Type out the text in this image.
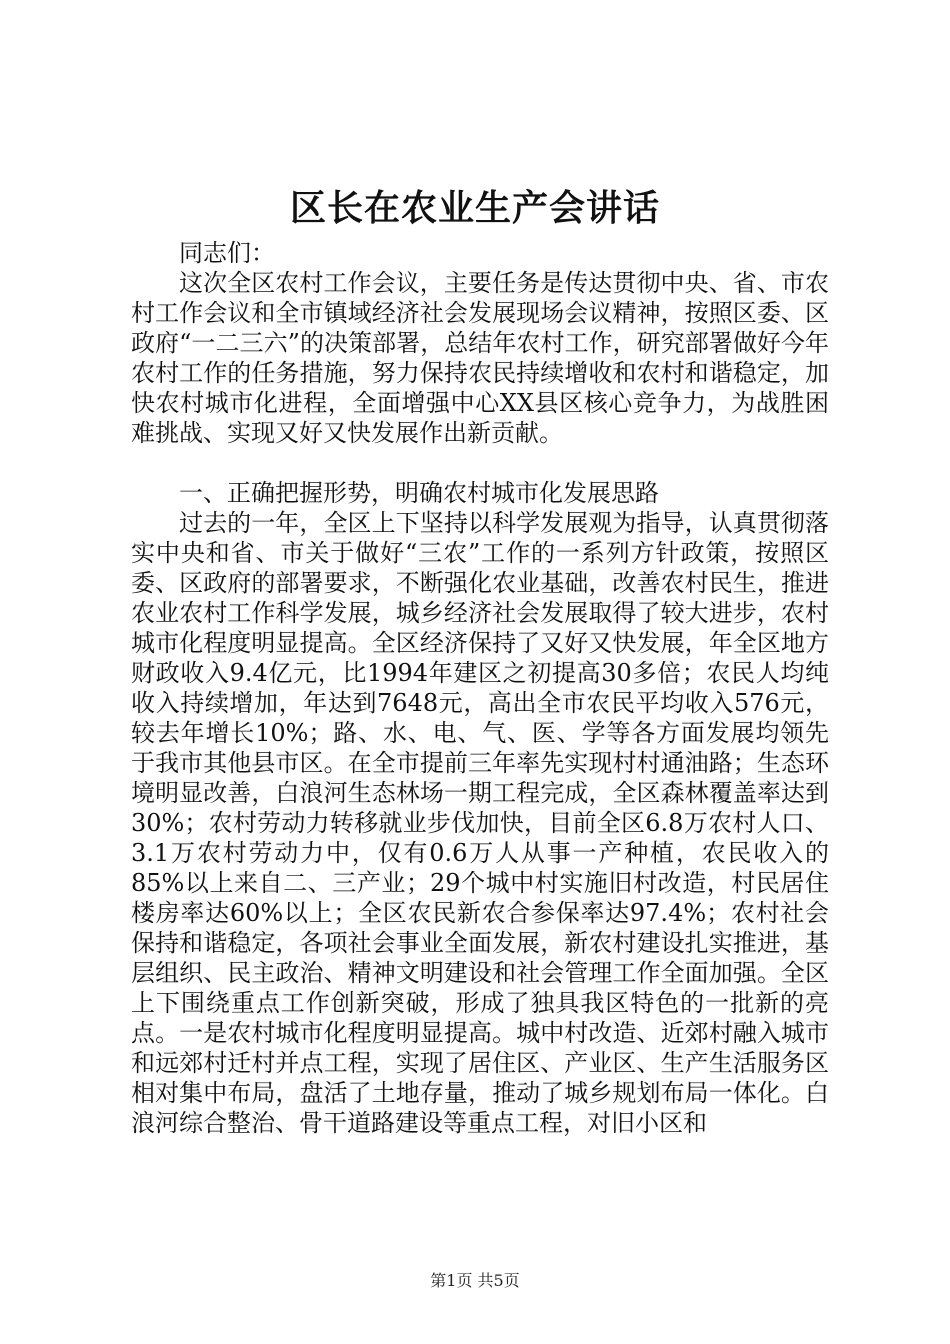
区长在农业生产会讲话

同志们：

这次全区农村工作会议，主要任务是传达贯彻中央、省、市农村工作会议和全市镇域经济社会发展现场会议精神，按照区委、区政府“一二三六”的决策部署，总结年农村工作，研究部署做好今年农村工作的任务措施，努力保持农民持续增收和农村和谐稳定，加快农村城市化进程，全面增强中心XX县区核心竞争力，为战胜困难挑战、实现又好又快发展作出新贡献。

一、正确把握形势，明确农村城市化发展思路

过去的一年，全区上下坚持以科学发展观为指导，认真贯彻落实中央和省、市关于做好“三农”工作的一系列方针政策，按照区委、区政府的部署要求，不断强化农业基础，改善农村民生，推进农业农村工作科学发展，城乡经济社会发展取得了较大进步，农村城市化程度明显提高。全区经济保持了又好又快发展，年全区地方财政收入9.4亿元，比1994年建区之初提高30多倍；农民人均纯收入持续增加，年达到7648元，高出全市农民平均收入576元，较去年增长10%；路、水、电、气、医、学等各方面发展均领先于我市其他县市区。在全市提前三年率先实现村村通油路；生态环境明显改善，白浪河生态林场一期工程完成，全区森林覆盖率达到30%；农村劳动力转移就业步伐加快，目前全区6.8万农村人口、3.1万农村劳动力中，仅有0.6万人从事一产种植，农民收入的85%以上来自二、三产业；29个城中村实施旧村改造，村民居住楼房率达60%以上；全区农民新农合参保率达97.4%；农村社会保持和谐稳定，各项社会事业全面发展，新农村建设扎实推进，基层组织、民主政治、精神文明建设和社会管理工作全面加强。全区上下围绕重点工作创新突破，形成了独具我区特色的一批新的亮点。一是农村城市化程度明显提高。城中村改造、近郊村融入城市和远郊村迁村并点工程，实现了居住区、产业区、生产生活服务区相对集中布局，盘活了土地存量，推动了城乡规划布局一体化。白浪河综合整治、骨干道路建设等重点工程，对旧小区和

第1页 共5页
